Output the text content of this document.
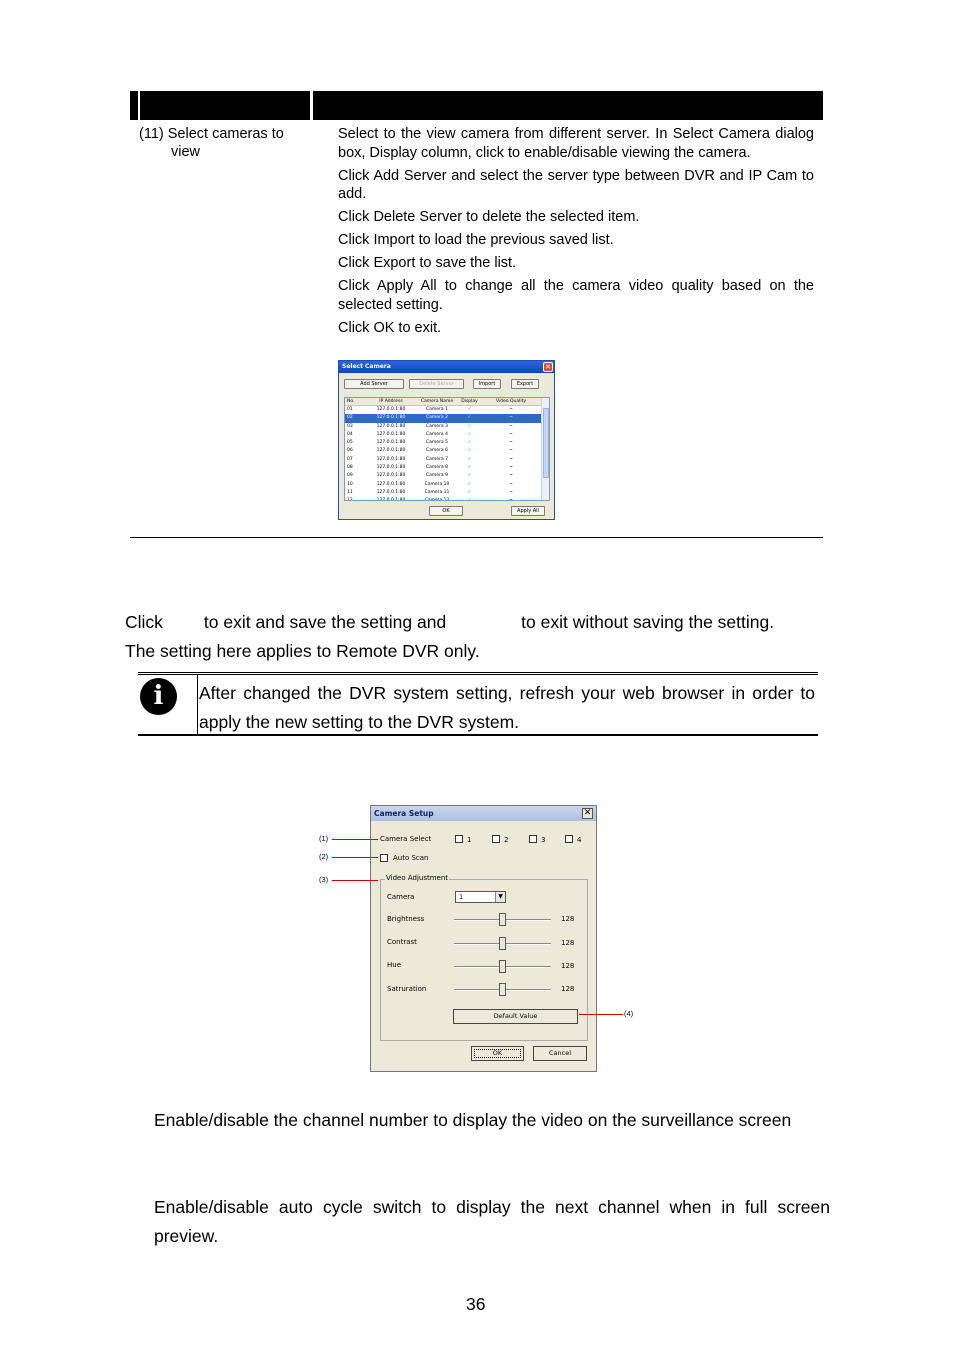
(11) Select cameras to
view

Select to the view camera from different server. In Select Camera dialog box, Display column, click to enable/disable viewing the camera.

Click Add Server and select the server type between DVR and IP Cam to add.

Click Delete Server to delete the selected item.

Click Import to load the previous saved list.

Click Export to save the list.

Click Apply All to change all the camera video quality based on the selected setting.

Click OK to exit.

Select Camera	✕
Add Server	Delete Server	Import	Export
No.	IP Address	Camera Name	Display	Video Quality
01	127.0.0.1:80	Camera 1	✓	~
02	127.0.0.1:80	Camera 2	✓	~
03	127.0.0.1:80	Camera 3	✓	~
04	127.0.0.1:80	Camera 4	✓	~
05	127.0.0.1:80	Camera 5	✓	~
06	127.0.0.1:80	Camera 6	✓	~
07	127.0.0.1:80	Camera 7	✓	~
08	127.0.0.1:80	Camera 8	✓	~
09	127.0.0.1:80	Camera 9	✓	~
10	127.0.0.1:80	Camera 10	✓	~
11	127.0.0.1:80	Camera 11	✓	~
12	127.0.0.1:80	Camera 12	✓	~
OK	Apply All
Click to exit and save the setting and	to exit without saving the setting.
The setting here applies to Remote DVR only.
i	After changed the DVR system setting, refresh your web browser in order to apply the new setting to the DVR system.
Camera Setup	✕
Camera Select	1	2	3	4
Auto Scan
Video Adjustment
Camera	1	▼
Brightness	128
Contrast	128
Hue	128
Satruration	128
Default Value
OK	Cancel
(1)
(2)
(3)
(4)
Enable/disable the channel number to display the video on the surveillance screen
Enable/disable auto cycle switch to display the next channel when in full screen preview.
36
